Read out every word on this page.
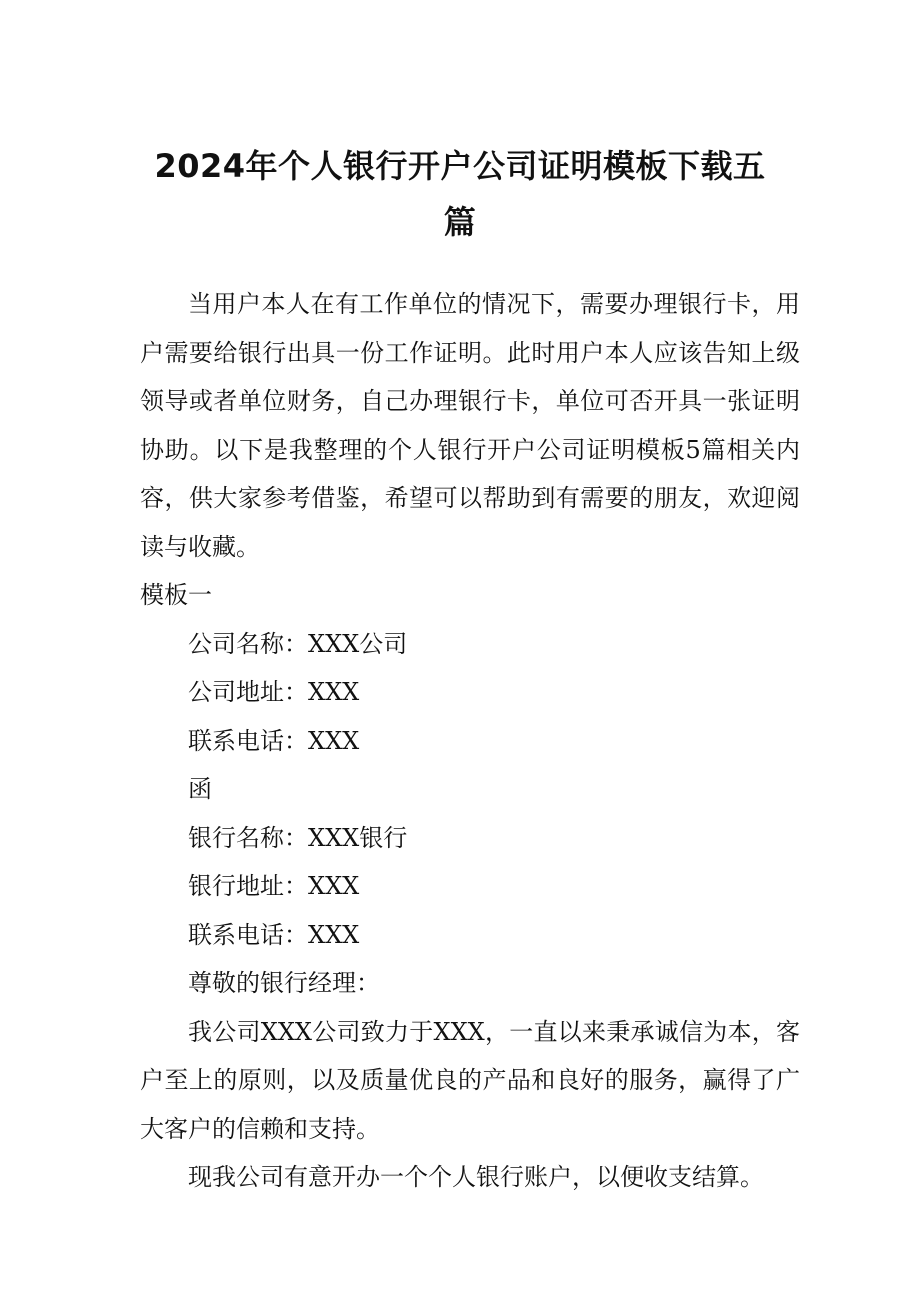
2024年个人银行开户公司证明模板下载五篇

当用户本人在有工作单位的情况下，需要办理银行卡，用户需要给银行出具一份工作证明。此时用户本人应该告知上级领导或者单位财务，自己办理银行卡，单位可否开具一张证明协助。以下是我整理的个人银行开户公司证明模板5篇相关内容，供大家参考借鉴，希望可以帮助到有需要的朋友，欢迎阅读与收藏。

模板一

公司名称：XXX公司

公司地址：XXX

联系电话：XXX

函

银行名称：XXX银行

银行地址：XXX

联系电话：XXX

尊敬的银行经理：

我公司XXX公司致力于XXX，一直以来秉承诚信为本，客户至上的原则，以及质量优良的产品和良好的服务，赢得了广大客户的信赖和支持。

现我公司有意开办一个个人银行账户，以便收支结算。
